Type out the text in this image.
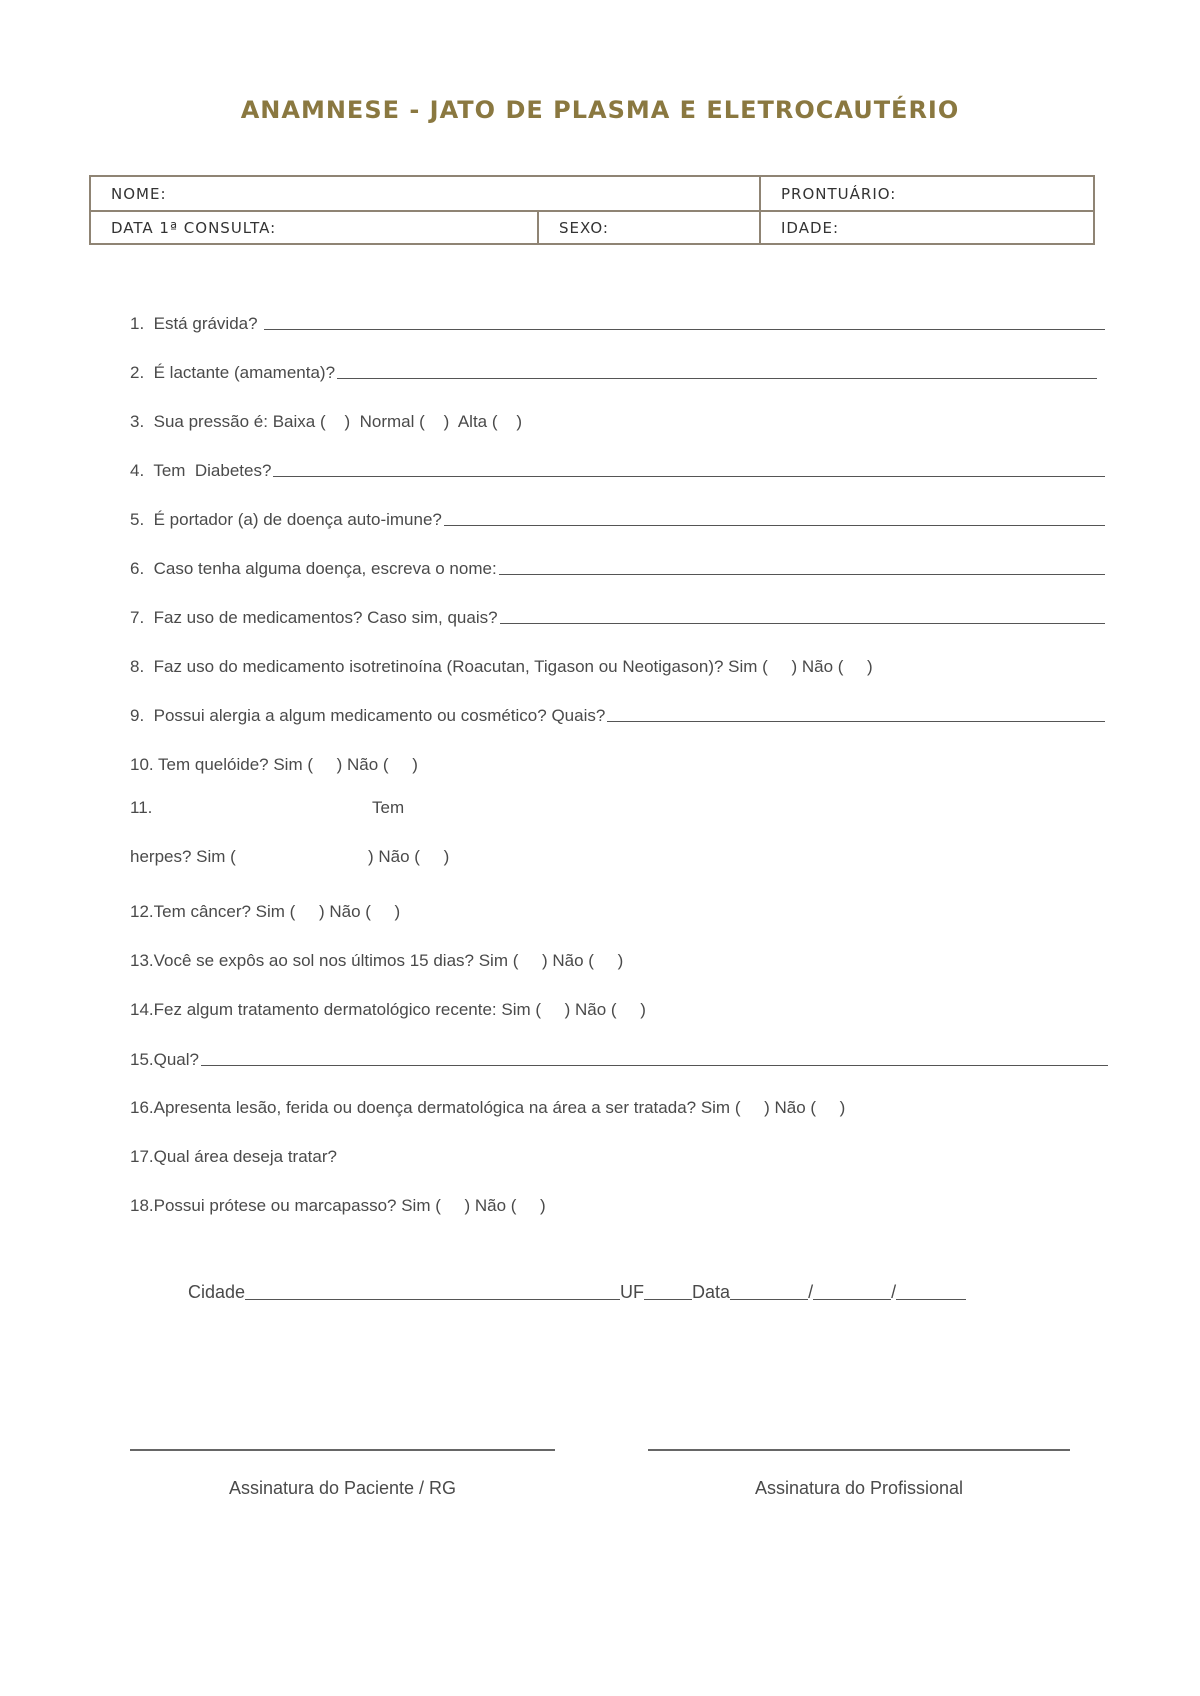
ANAMNESE - JATO DE PLASMA E ELETROCAUTÉRIO
NOME:	PRONTUÁRIO:
DATA 1ª CONSULTA:	SEXO:	IDADE:
1.  Está grávida?
2.  É lactante (amamenta)?
3.  Sua pressão é: Baixa (    )  Normal (    )  Alta (    )
4.  Tem  Diabetes?
5.  É portador (a) de doença auto-imune?
6.  Caso tenha alguma doença, escreva o nome:
7.  Faz uso de medicamentos? Caso sim, quais?
8.  Faz uso do medicamento isotretinoína (Roacutan, Tigason ou Neotigason)? Sim (     ) Não (     )
9.  Possui alergia a algum medicamento ou cosmético? Quais?
10. Tem quelóide? Sim (     ) Não (     )
11.	Tem
herpes? Sim (	) Não (     )
12.Tem câncer? Sim (     ) Não (     )
13.Você se expôs ao sol nos últimos 15 dias? Sim (     ) Não (     )
14.Fez algum tratamento dermatológico recente: Sim (     ) Não (     )
15.Qual?
16.Apresenta lesão, ferida ou doença dermatológica na área a ser tratada? Sim (     ) Não (     )
17.Qual área deseja tratar?
18.Possui prótese ou marcapasso? Sim (     ) Não (     )
Cidade	UF	Data	/	/
Assinatura do Paciente / RG	Assinatura do Profissional
